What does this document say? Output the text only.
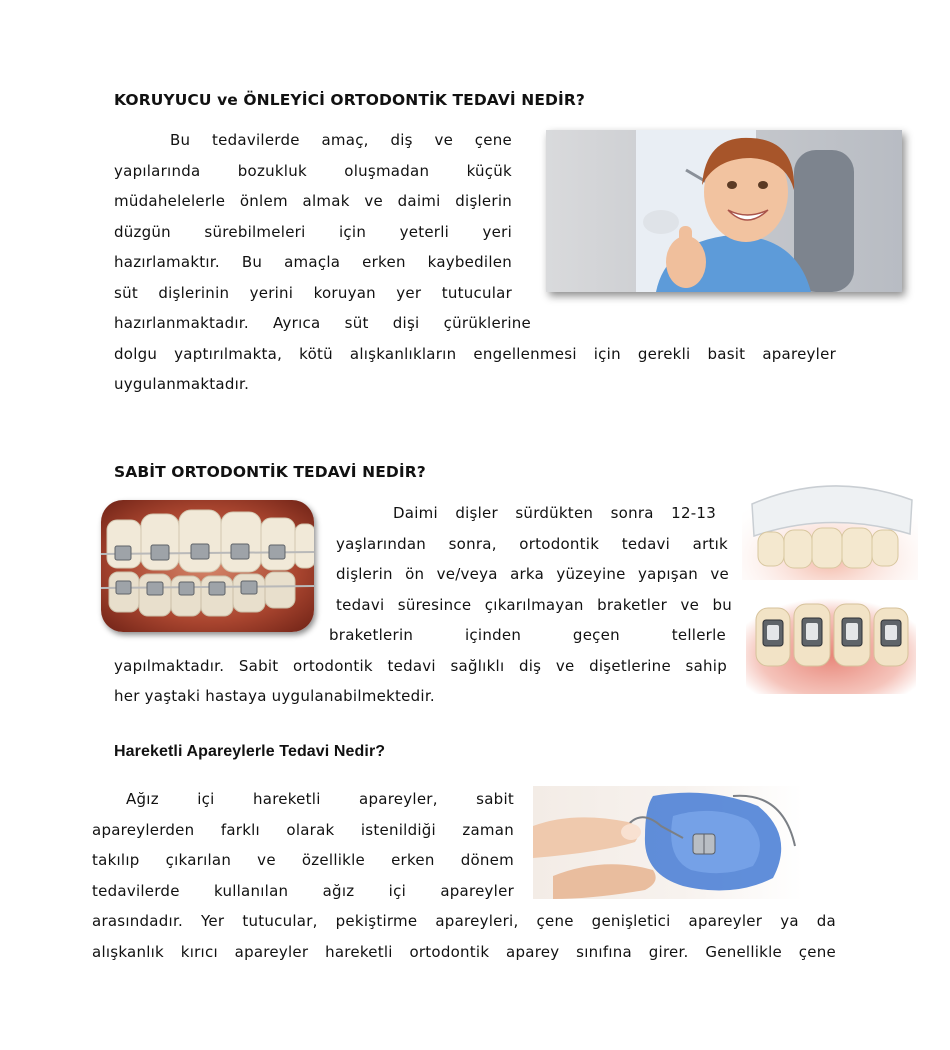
KORUYUCU ve ÖNLEYİCİ ORTODONTİK TEDAVİ NEDİR?
Bu tedavilerde amaç, diş ve çene
yapılarında bozukluk oluşmadan küçük
müdahelelerle önlem almak ve daimi dişlerin
düzgün sürebilmeleri için yeterli yeri
hazırlamaktır. Bu amaçla erken kaybedilen
süt dişlerinin yerini koruyan yer tutucular
hazırlanmaktadır. Ayrıca süt dişi çürüklerine
dolgu yaptırılmakta, kötü alışkanlıkların engellenmesi için gerekli basit apareyler
uygulanmaktadır.
SABİT ORTODONTİK TEDAVİ NEDİR?
Daimi dişler sürdükten sonra 12-13
yaşlarından sonra, ortodontik tedavi artık
dişlerin ön ve/veya arka yüzeyine yapışan ve
tedavi süresince çıkarılmayan braketler ve bu
braketlerin içinden geçen tellerle
yapılmaktadır. Sabit ortodontik tedavi sağlıklı diş ve dişetlerine sahip
her yaştaki hastaya uygulanabilmektedir.
Hareketli Apareylerle Tedavi Nedir?
Ağız içi hareketli apareyler, sabit
apareylerden farklı olarak istenildiği zaman
takılıp çıkarılan ve özellikle erken dönem
tedavilerde kullanılan ağız içi apareyler
arasındadır. Yer tutucular, pekiştirme apareyleri, çene genişletici apareyler ya da
alışkanlık kırıcı apareyler hareketli ortodontik aparey sınıfına girer. Genellikle çene
